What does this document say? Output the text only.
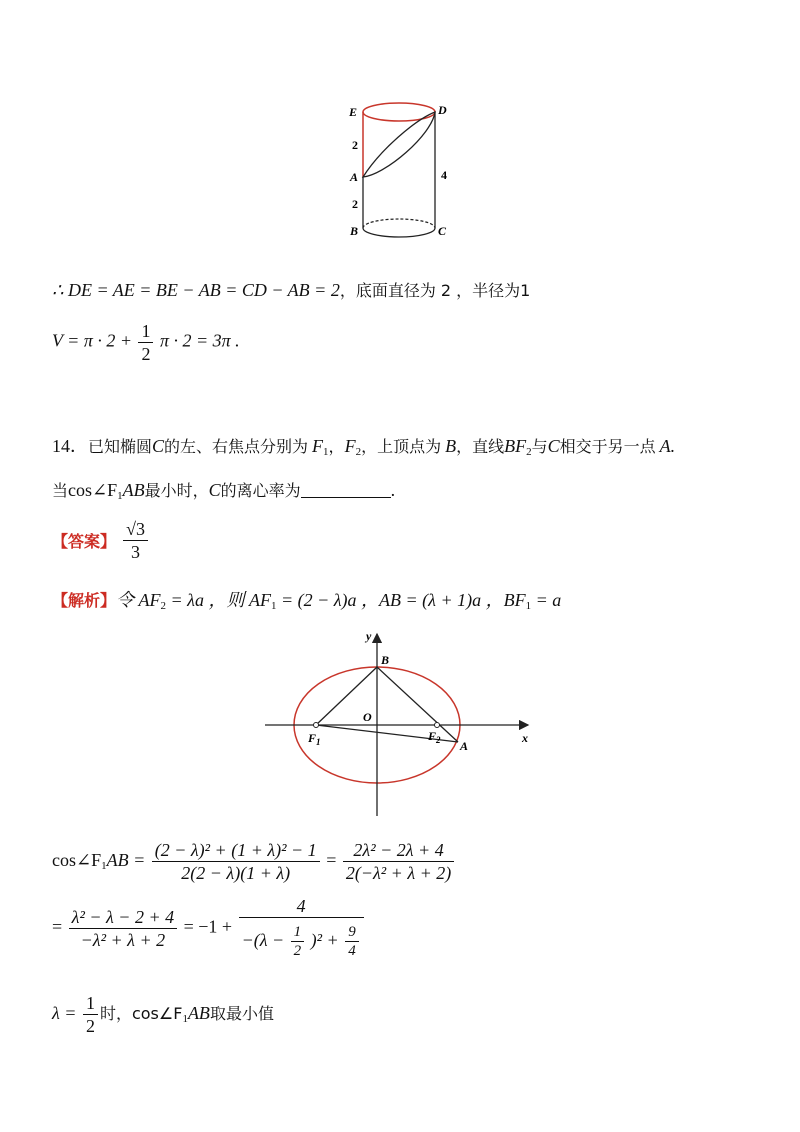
E	D
2
A	4
2
B	C
∴ DE = AE = BE − AB = CD − AB = 2，底面直径为 2 ，半径为1
$V = \pi \cdot 2 + \frac{1}{2}$ π · 2 = 3π .
14．已知椭圆C的左、右焦点分别为 $F_1$，$F_2$，上顶点为 B，直线$BF_2$与C相交于另一点 A.
当$\cos\angle F_1AB$最小时，C的离心率为	.
【答案】 $\frac{√3}{3}$
【解析】令 $AF_2 = \lambda a$ ，则 $AF_1 = (2 - \lambda)a$ ，AB = (λ + 1)a ，$BF_1 = a$
y
x
B
O
$F_1$	$F_2$ A
$\cos\angle F_1AB = \frac{\text{(2 − λ)² + (1 + λ)² − 1}}{2(2 - \lambda)(1 + \lambda)} = \frac{\text{2λ² − 2λ + 4}}{\text{2(−λ² + λ + 2)}}$
= $\frac{\text{λ² − λ − 2 + 4}}{\text{−λ² + λ + 2}} = -1 + \frac{4}{-(\lambda - \frac{1}{2} )^2 + \frac{9}{4}}$
$\lambda = \frac{1}{2}$ 时，$\cos\angle F_1AB$取最小值
